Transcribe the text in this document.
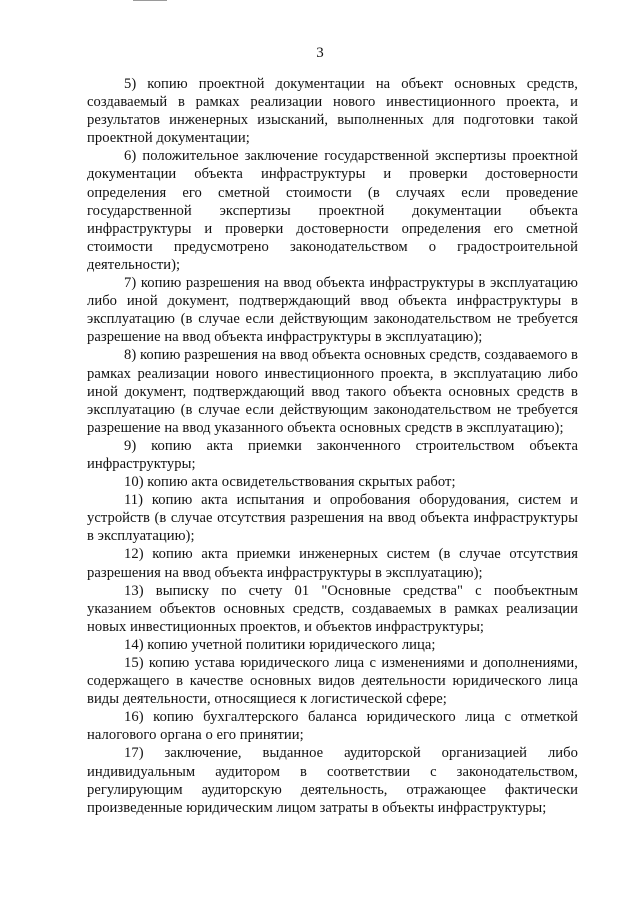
3

5) копию проектной документации на объект основных средств, создаваемый в рамках реализации нового инвестиционного проекта, и результатов инженерных изысканий, выполненных для подготовки такой проектной документации;

6) положительное заключение государственной экспертизы проектной документации объекта инфраструктуры и проверки достоверности определения его сметной стоимости (в случаях если проведение государственной экспертизы проектной документации объекта инфраструктуры и проверки достоверности определения его сметной стоимости предусмотрено законодательством о градостроительной деятельности);

7) копию разрешения на ввод объекта инфраструктуры в эксплуатацию либо иной документ, подтверждающий ввод объекта инфраструктуры в эксплуатацию (в случае если действующим законодательством не требуется разрешение на ввод объекта инфраструктуры в эксплуатацию);

8) копию разрешения на ввод объекта основных средств, создаваемого в рамках реализации нового инвестиционного проекта, в эксплуатацию либо иной документ, подтверждающий ввод такого объекта основных средств в эксплуатацию (в случае если действующим законодательством не требуется разрешение на ввод указанного объекта основных средств в эксплуатацию);

9) копию акта приемки законченного строительством объекта инфраструктуры;

10) копию акта освидетельствования скрытых работ;

11) копию акта испытания и опробования оборудования, систем и устройств (в случае отсутствия разрешения на ввод объекта инфраструктуры в эксплуатацию);

12) копию акта приемки инженерных систем (в случае отсутствия разрешения на ввод объекта инфраструктуры в эксплуатацию);

13) выписку по счету 01 "Основные средства" с пообъектным указанием объектов основных средств, создаваемых в рамках реализации новых инвестиционных проектов, и объектов инфраструктуры;

14) копию учетной политики юридического лица;

15) копию устава юридического лица с изменениями и дополнениями, содержащего в качестве основных видов деятельности юридического лица виды деятельности, относящиеся к логистической сфере;

16) копию бухгалтерского баланса юридического лица с отметкой налогового органа о его принятии;

17) заключение, выданное аудиторской организацией либо индивидуальным аудитором в соответствии с законодательством, регулирующим аудиторскую деятельность, отражающее фактически произведенные юридическим лицом затраты в объекты инфраструктуры;
